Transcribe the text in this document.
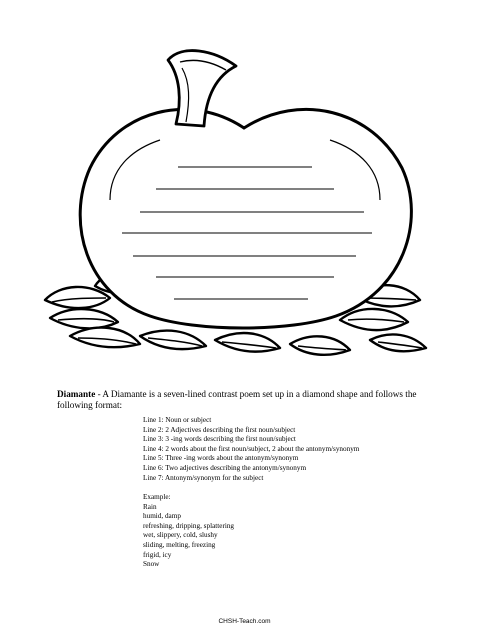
Diamante - A Diamante is a seven-lined contrast poem set up in a diamond shape and follows the following format:

Line 1: Noun or subject
Line 2: 2 Adjectives describing the first noun/subject
Line 3: 3 -ing words describing the first noun/subject
Line 4: 2 words about the first noun/subject, 2 about the antonym/synonym
Line 5: Three -ing words about the antonym/synonym
Line 6: Two adjectives describing the antonym/synonym
Line 7: Antonym/synonym for the subject
Example:
Rain
humid, damp
refreshing, dripping, splattering
wet, slippery, cold, slushy
sliding, melting, freezing
frigid, icy
Snow
CHSH-Teach.com
